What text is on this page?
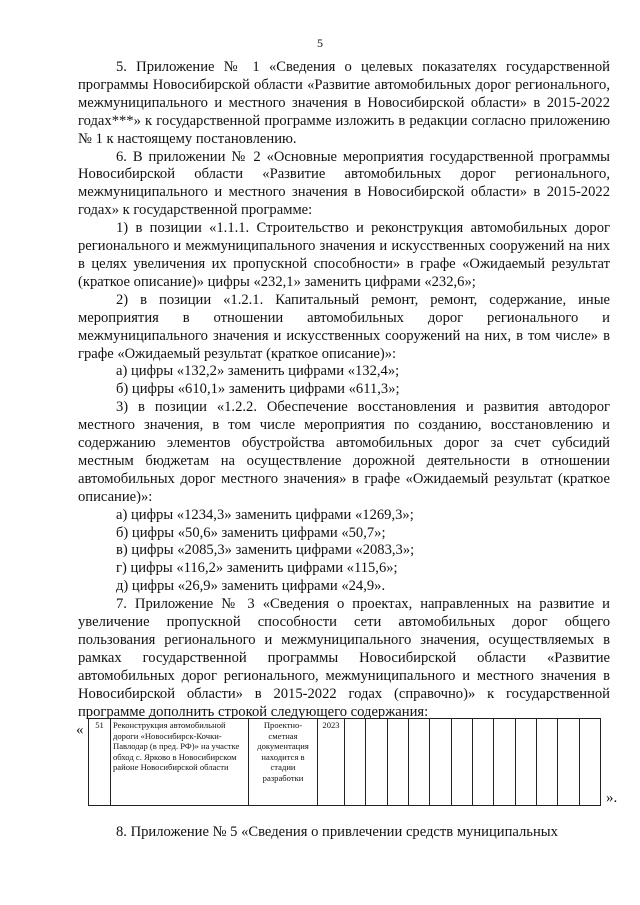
5

5. Приложение № 1 «Сведения о целевых показателях государственной программы Новосибирской области «Развитие автомобильных дорог регионального, межмуниципального и местного значения в Новосибирской области» в 2015-2022 годах***» к государственной программе изложить в редакции согласно приложению № 1 к настоящему постановлению.

6. В приложении № 2 «Основные мероприятия государственной программы Новосибирской области «Развитие автомобильных дорог регионального, межмуниципального и местного значения в Новосибирской области» в 2015-2022 годах» к государственной программе:

1) в позиции «1.1.1. Строительство и реконструкция автомобильных дорог регионального и межмуниципального значения и искусственных сооружений на них в целях увеличения их пропускной способности» в графе «Ожидаемый результат (краткое описание)» цифры «232,1» заменить цифрами «232,6»;

2) в позиции «1.2.1. Капитальный ремонт, ремонт, содержание, иные мероприятия в отношении автомобильных дорог регионального и межмуниципального значения и искусственных сооружений на них, в том числе» в графе «Ожидаемый результат (краткое описание)»:

а) цифры «132,2» заменить цифрами «132,4»;

б) цифры «610,1» заменить цифрами «611,3»;

3) в позиции «1.2.2. Обеспечение восстановления и развития автодорог местного значения, в том числе мероприятия по созданию, восстановлению и содержанию элементов обустройства автомобильных дорог за счет субсидий местным бюджетам на осуществление дорожной деятельности в отношении автомобильных дорог местного значения» в графе «Ожидаемый результат (краткое описание)»:

а) цифры «1234,3» заменить цифрами «1269,3»;

б) цифры «50,6» заменить цифрами «50,7»;

в) цифры «2085,3» заменить цифрами «2083,3»;

г) цифры «116,2» заменить цифрами «115,6»;

д) цифры «26,9» заменить цифрами «24,9».

7. Приложение № 3 «Сведения о проектах, направленных на развитие и увеличение пропускной способности сети автомобильных дорог общего пользования регионального и межмуниципального значения, осуществляемых в рамках государственной программы Новосибирской области «Развитие автомобильных дорог регионального, межмуниципального и местного значения в Новосибирской области» в 2015-2022 годах (справочно)» к государственной программе дополнить строкой следующего содержания:

« 51	Реконструкция автомобильной дороги «Новосибирск-Кочки-Павлодар (в пред. РФ)» на участке обход с. Ярково в Новосибирском районе Новосибирской области	Проектно-сметная документация находится в стадии разработки	2023												
».

8. Приложение № 5 «Сведения о привлечении средств муниципальных
